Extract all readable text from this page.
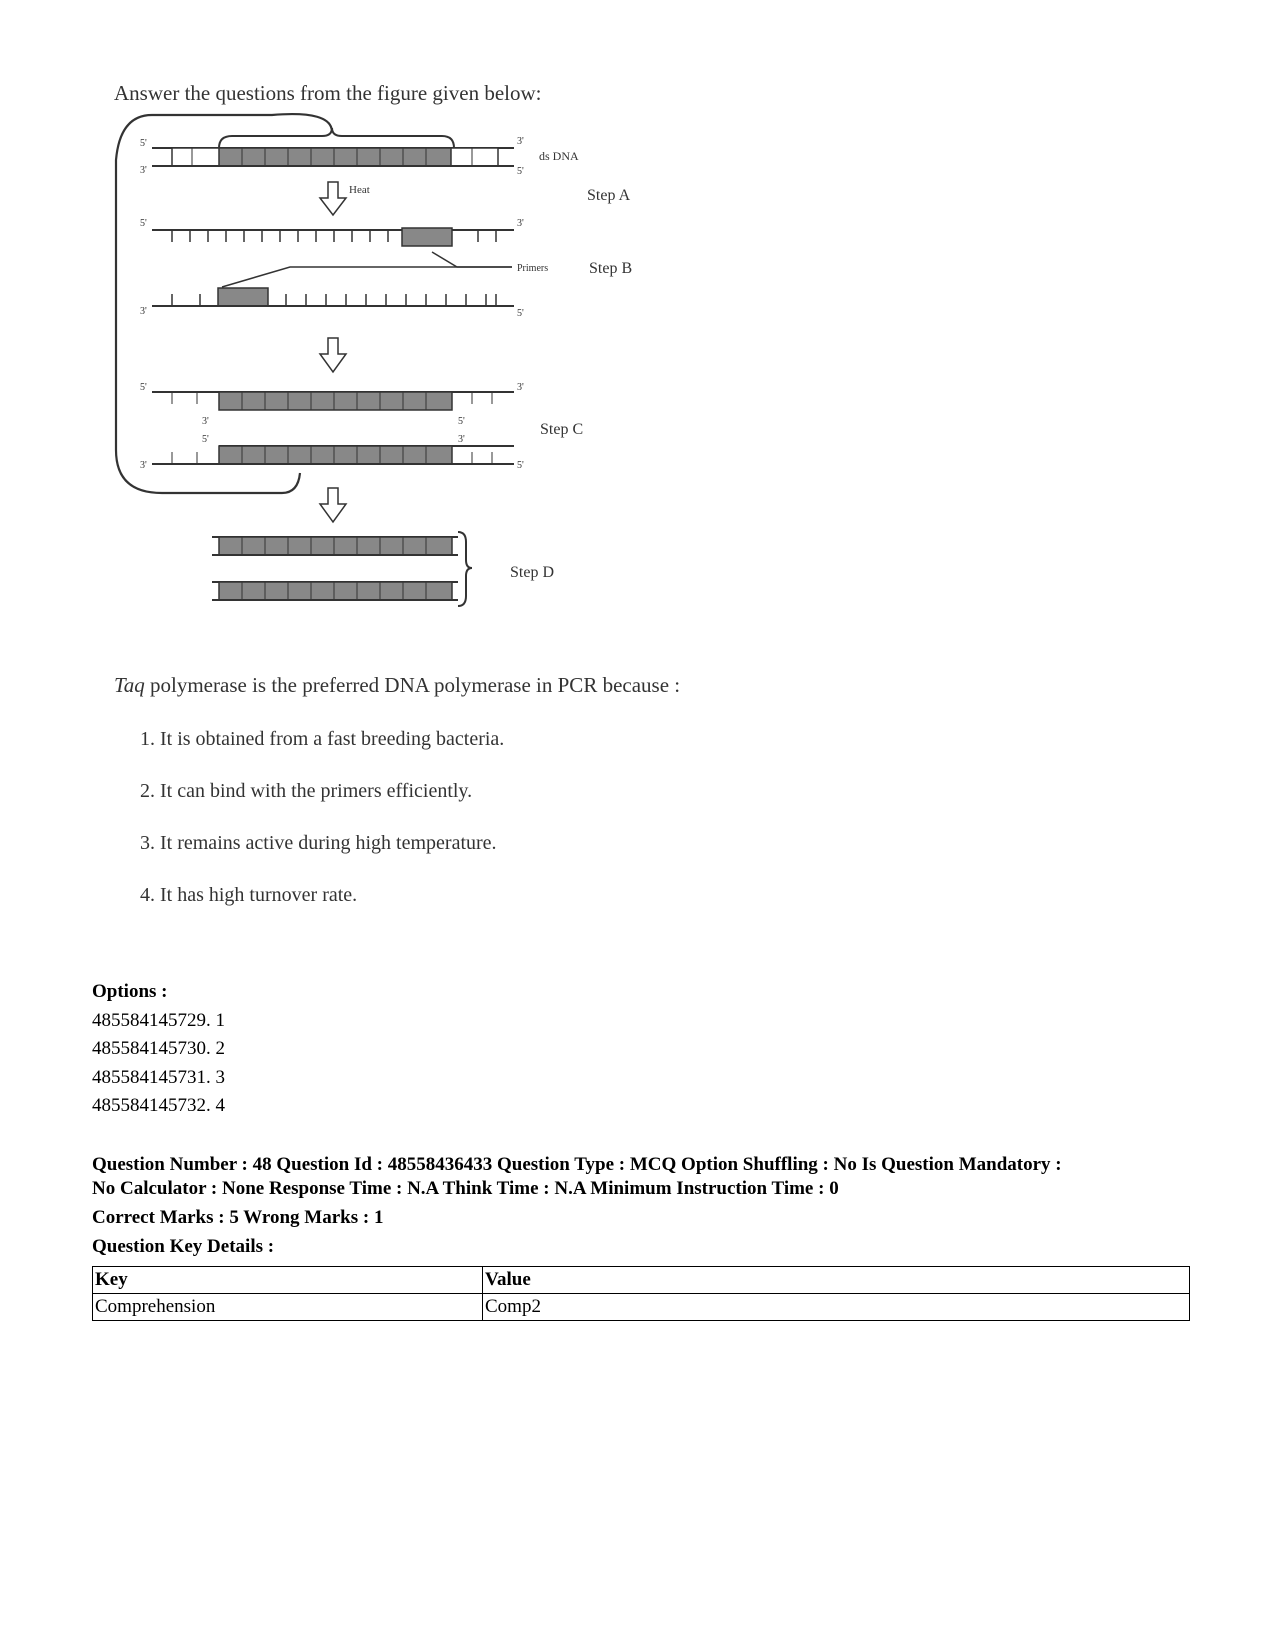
Answer the questions from the figure given below:
5'	3'
3'	5'
ds DNA
Heat	Step A
5'	3'
Primers	Step B
3'	5'
5'	3'
3'
5'
5'
3'
3'	5'
Step C
Step D
Taq polymerase is the preferred DNA polymerase in PCR because :
1. It is obtained from a fast breeding bacteria.
2. It can bind with the primers efficiently.
3. It remains active during high temperature.
4. It has high turnover rate.
Options :
485584145729. 1
485584145730. 2
485584145731. 3
485584145732. 4
Question Number : 48 Question Id : 48558436433 Question Type : MCQ Option Shuffling : No Is Question Mandatory :
No Calculator : None Response Time : N.A Think Time : N.A Minimum Instruction Time : 0
Correct Marks : 5 Wrong Marks : 1
Question Key Details :
Key	Value
Comprehension	Comp2
